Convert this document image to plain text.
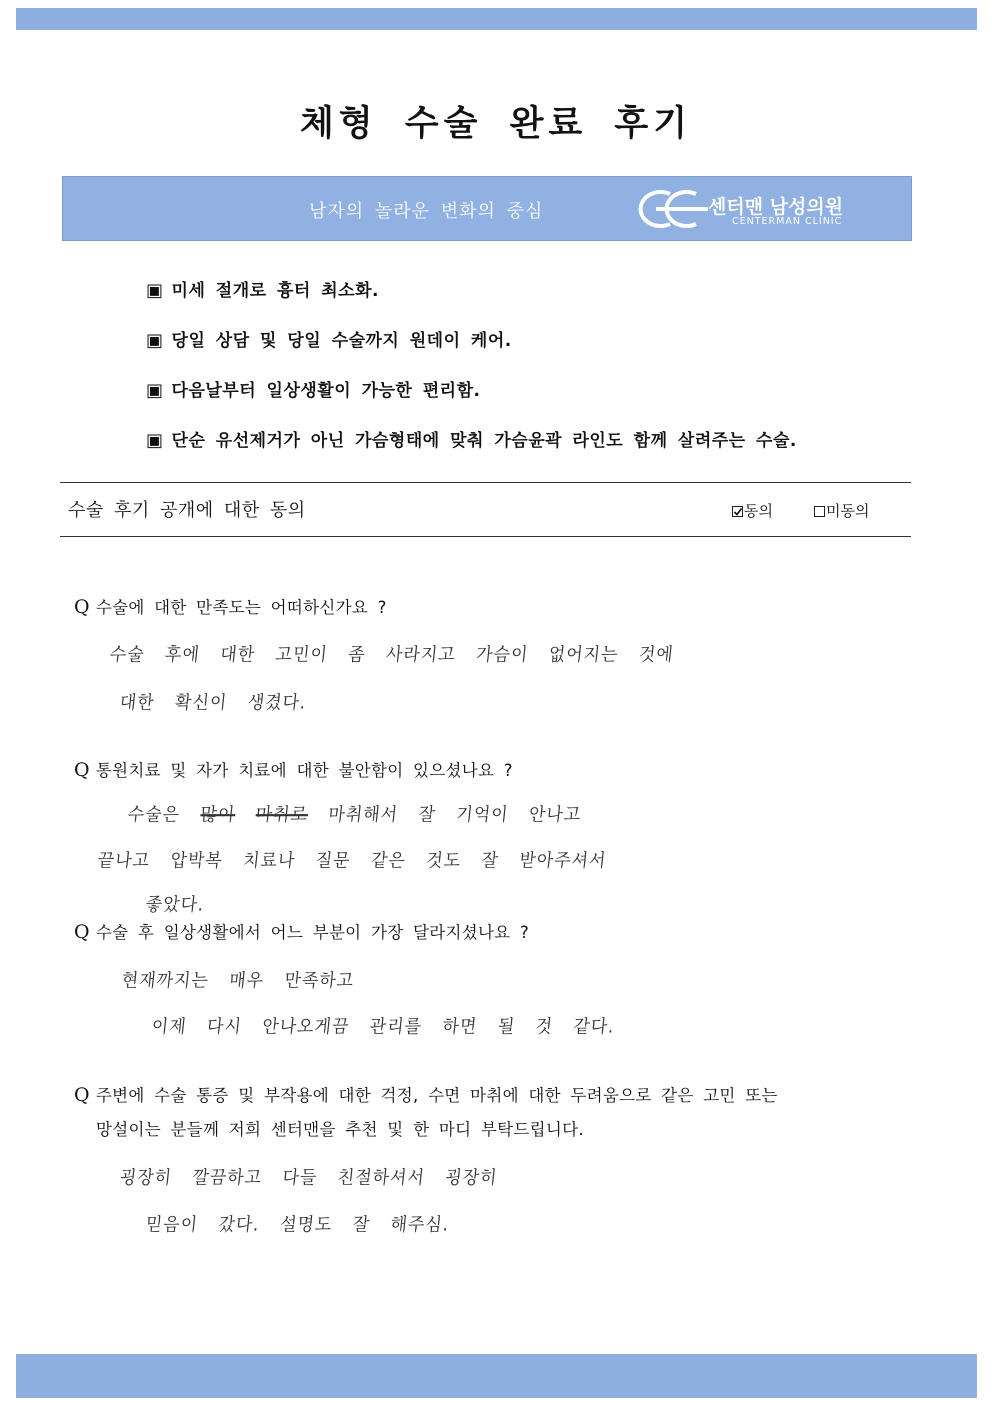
체형 수술 완료 후기
남자의 놀라운 변화의 중심	센터맨 남성의원
CENTERMAN CLINIC
▣ 미세 절개로 흉터 최소화.
▣ 당일 상담 및 당일 수술까지 원데이 케어.
▣ 다음날부터 일상생활이 가능한 편리함.
▣ 단순 유선제거가 아닌 가슴형태에 맞춰 가슴윤곽 라인도 함께 살려주는 수술.
수술 후기 공개에 대한 동의	동의	미동의
Q 수술에 대한 만족도는 어떠하신가요 ?
수술 후에 대한 고민이 좀 사라지고 가슴이 없어지는 것에
대한 확신이 생겼다.
Q 통원치료 및 자가 치료에 대한 불안함이 있으셨나요 ?
수술은 많이 마취로 마취해서 잘 기억이 안나고
끝나고 압박복 치료나 질문 같은 것도 잘 받아주셔서
좋았다.
Q 수술 후 일상생활에서 어느 부분이 가장 달라지셨나요 ?
현재까지는 매우 만족하고
이제 다시 안나오게끔 관리를 하면 될 것 같다.
Q 주변에 수술 통증 및 부작용에 대한 걱정, 수면 마취에 대한 두려움으로 같은 고민 또는
망설이는 분들께 저희 센터맨을 추천 및 한 마디 부탁드립니다.
굉장히 깔끔하고 다들 친절하셔서 굉장히
믿음이 갔다. 설명도 잘 해주심.
